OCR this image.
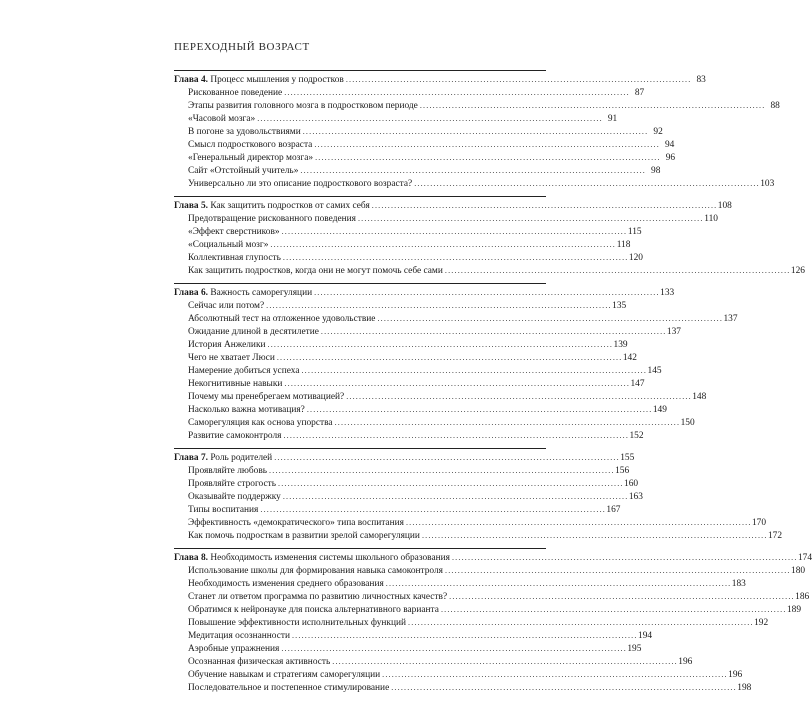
ПЕРЕХОДНЫЙ ВОЗРАСТ
Глава 4. Процесс мышления у подростков . . .	83
Рискованное поведение . . .	87
Этапы развития головного мозга в подростковом периоде . . .	88
«Часовой мозга» . . .	91
В погоне за удовольствиями . . .	92
Смысл подросткового возраста . . .	94
«Генеральный директор мозга» . . .	96
Сайт «Отстойный учитель» . . .	98
Универсально ли это описание подросткового возраста? . . .	103
Глава 5. Как защитить подростков от самих себя . . .	108
Предотвращение рискованного поведения . . .	110
«Эффект сверстников» . . .	115
«Социальный мозг» . . .	118
Коллективная глупость . . .	120
Как защитить подростков, когда они не могут помочь себе сами . . .	126
Глава 6. Важность саморегуляции . . .	133
Сейчас или потом? . . .	135
Абсолютный тест на отложенное удовольствие . . .	137
Ожидание длиной в десятилетие . . .	137
История Анжелики . . .	139
Чего не хватает Люси . . .	142
Намерение добиться успеха . . .	145
Некогнитивные навыки . . .	147
Почему мы пренебрегаем мотивацией? . . .	148
Насколько важна мотивация? . . .	149
Саморегуляция как основа упорства . . .	150
Развитие самоконтроля . . .	152
Глава 7. Роль родителей . . .	155
Проявляйте любовь . . .	156
Проявляйте строгость . . .	160
Оказывайте поддержку . . .	163
Типы воспитания . . .	167
Эффективность «демократического» типа воспитания . . .	170
Как помочь подросткам в развитии зрелой саморегуляции . . .	172
Глава 8. Необходимость изменения системы школьного образования . . .	174
Использование школы для формирования навыка самоконтроля . . .	180
Необходимость изменения среднего образования . . .	183
Станет ли ответом программа по развитию личностных качеств? . . .	186
Обратимся к нейронауке для поиска альтернативного варианта . . .	189
Повышение эффективности исполнительных функций . . .	192
Медитация осознанности . . .	194
Аэробные упражнения . . .	195
Осознанная физическая активность . . .	196
Обучение навыкам и стратегиям саморегуляции . . .	196
Последовательное и постепенное стимулирование . . .	198
